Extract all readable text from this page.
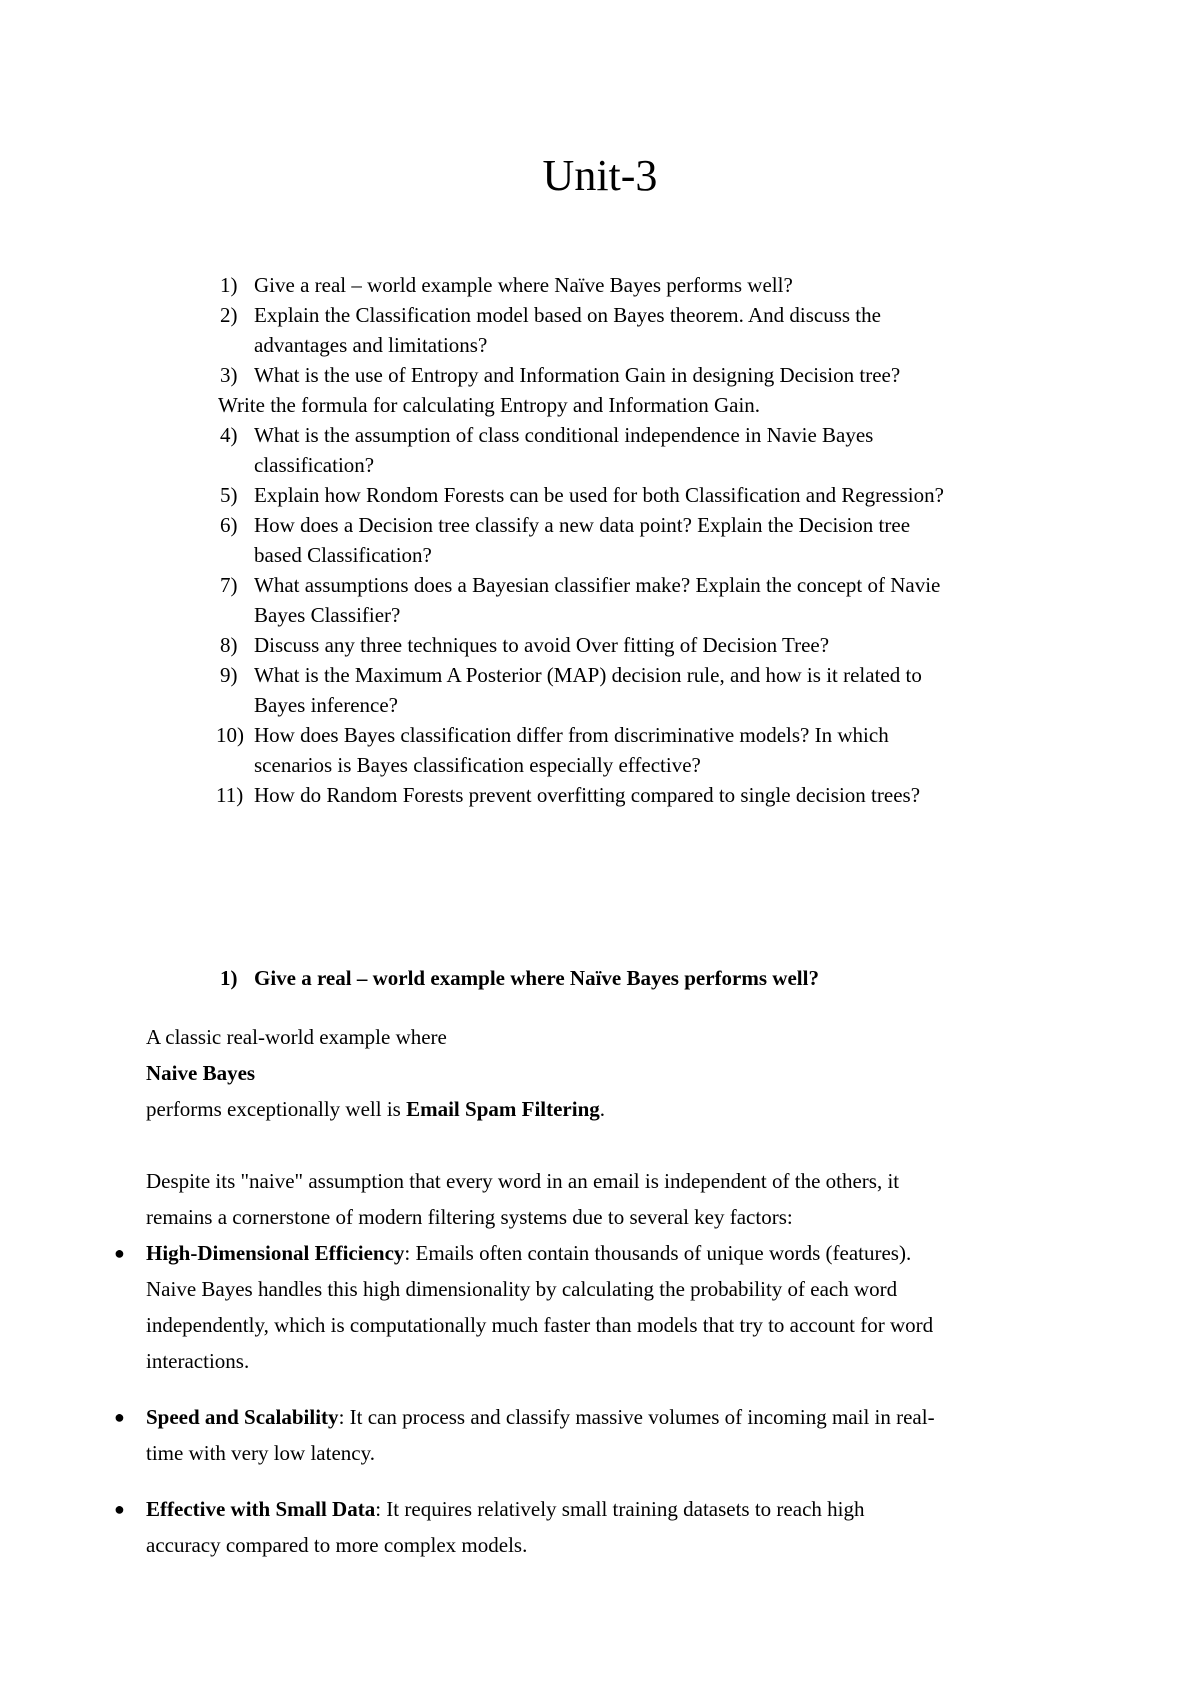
Unit-3
1) Give a real – world example where Naïve Bayes performs well?
2) Explain the Classification model based on Bayes theorem. And discuss the
advantages and limitations?
3) What is the use of Entropy and Information Gain in designing Decision tree?
Write the formula for calculating Entropy and Information Gain.
4) What is the assumption of class conditional independence in Navie Bayes
classification?
5) Explain how Rondom Forests can be used for both Classification and Regression?
6) How does a Decision tree classify a new data point? Explain the Decision tree
based Classification?
7) What assumptions does a Bayesian classifier make? Explain the concept of Navie
Bayes Classifier?
8) Discuss any three techniques to avoid Over fitting of Decision Tree?
9) What is the Maximum A Posterior (MAP) decision rule, and how is it related to
Bayes inference?
10) How does Bayes classification differ from discriminative models? In which
scenarios is Bayes classification especially effective?
11) How do Random Forests prevent overfitting compared to single decision trees?
1) Give a real – world example where Naïve Bayes performs well?

A classic real-world example where

Naive Bayes

performs exceptionally well is Email Spam Filtering.

Despite its "naive" assumption that every word in an email is independent of the others, it

remains a cornerstone of modern filtering systems due to several key factors:

● High-Dimensional Efficiency: Emails often contain thousands of unique words (features).
Naive Bayes handles this high dimensionality by calculating the probability of each word
independently, which is computationally much faster than models that try to account for word
interactions.
● Speed and Scalability: It can process and classify massive volumes of incoming mail in real-
time with very low latency.
● Effective with Small Data: It requires relatively small training datasets to reach high
accuracy compared to more complex models.
